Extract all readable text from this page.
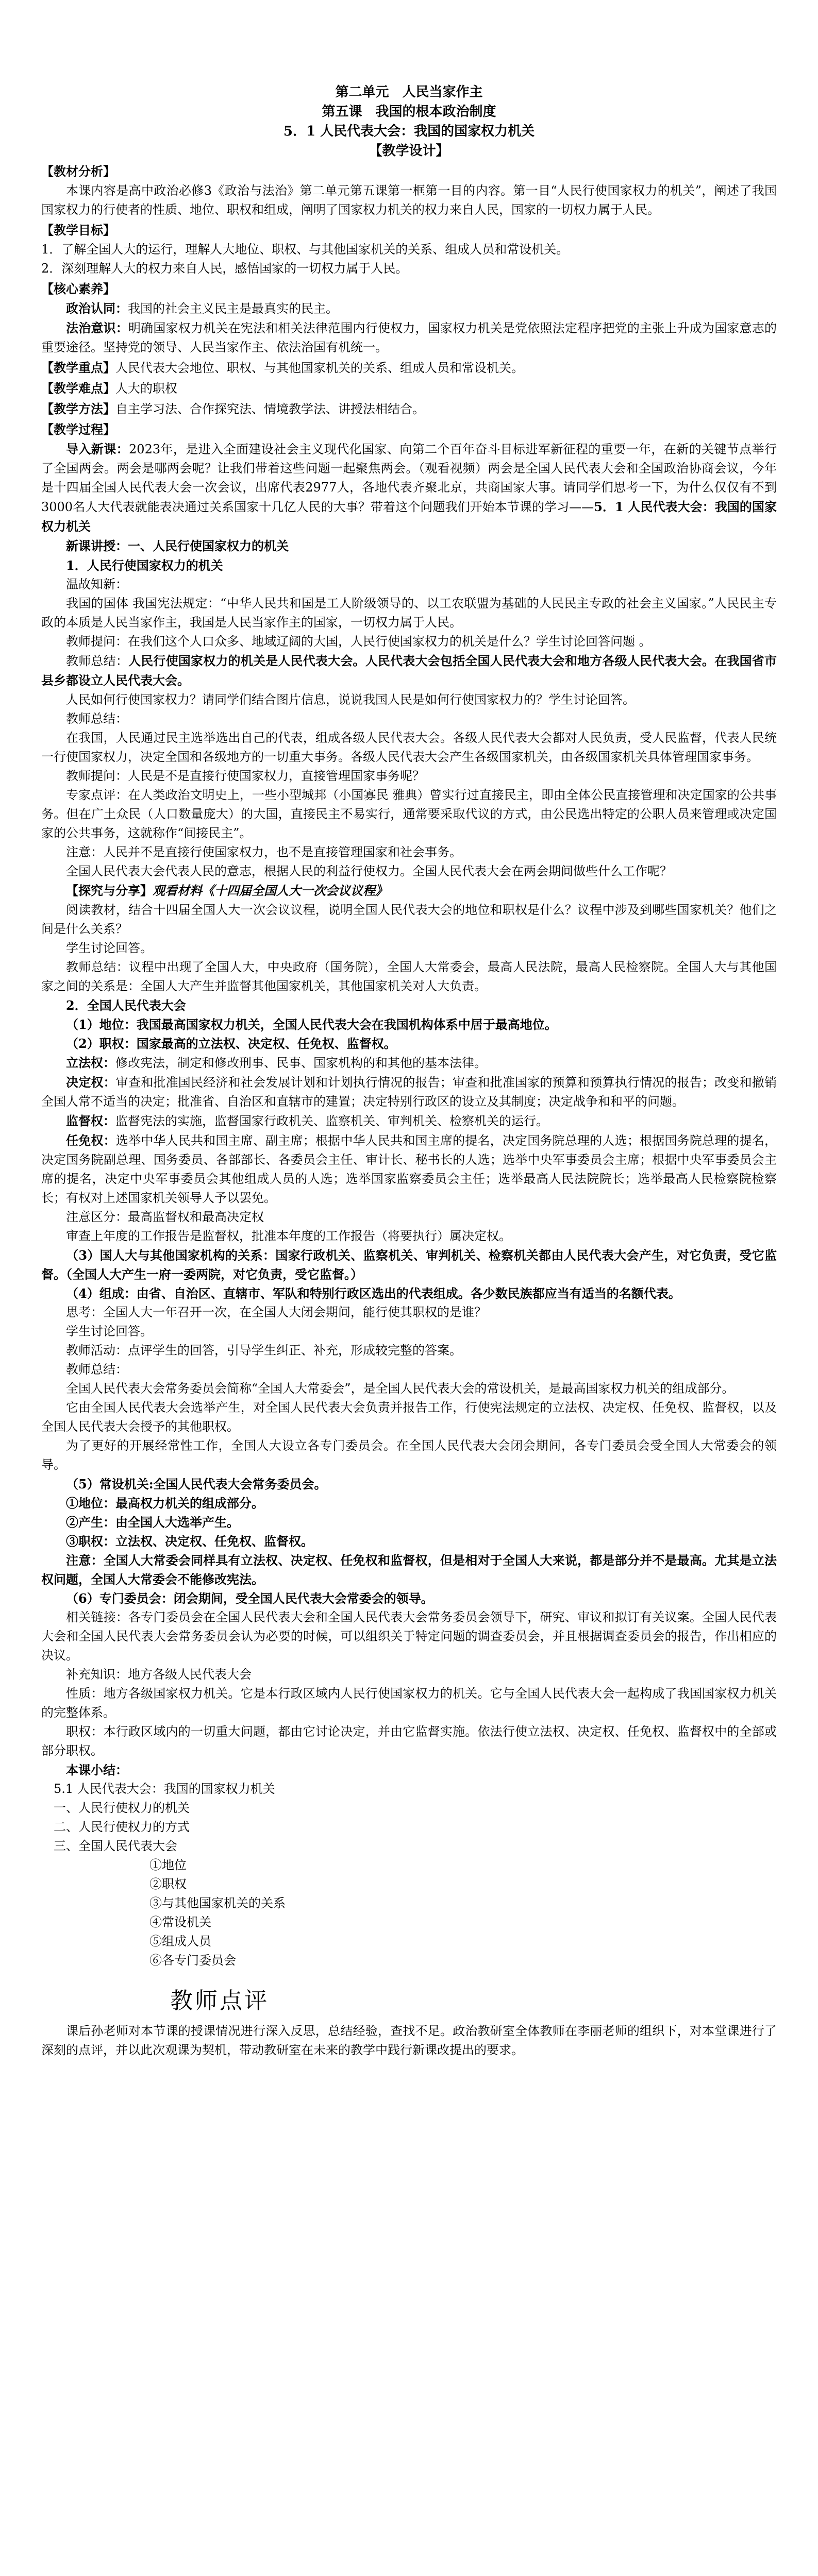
第二单元　人民当家作主
第五课　我国的根本政治制度
5．1 人民代表大会：我国的国家权力机关
【教学设计】
【教材分析】

本课内容是高中政治必修3《政治与法治》第二单元第五课第一框第一目的内容。第一目“人民行使国家权力的机关”，阐述了我国国家权力的行使者的性质、地位、职权和组成，阐明了国家权力机关的权力来自人民，国家的一切权力属于人民。

【教学目标】

1．了解全国人大的运行，理解人大地位、职权、与其他国家机关的关系、组成人员和常设机关。

2．深刻理解人大的权力来自人民，感悟国家的一切权力属于人民。

【核心素养】

政治认同：我国的社会主义民主是最真实的民主。

法治意识：明确国家权力机关在宪法和相关法律范围内行使权力，国家权力机关是党依照法定程序把党的主张上升成为国家意志的重要途径。坚持党的领导、人民当家作主、依法治国有机统一。

【教学重点】人民代表大会地位、职权、与其他国家机关的关系、组成人员和常设机关。
【教学难点】人大的职权
【教学方法】自主学习法、合作探究法、情境教学法、讲授法相结合。
【教学过程】

导入新课：2023年，是进入全面建设社会主义现代化国家、向第二个百年奋斗目标进军新征程的重要一年，在新的关键节点举行了全国两会。两会是哪两会呢？让我们带着这些问题一起聚焦两会。（观看视频）两会是全国人民代表大会和全国政治协商会议，今年是十四届全国人民代表大会一次会议，出席代表2977人，各地代表齐聚北京，共商国家大事。请同学们思考一下，为什么仅仅有不到3000名人大代表就能表决通过关系国家十几亿人民的大事？带着这个问题我们开始本节课的学习——5．1 人民代表大会：我国的国家权力机关

新课讲授：一、人民行使国家权力的机关

1．人民行使国家权力的机关

温故知新：

我国的国体 我国宪法规定：“中华人民共和国是工人阶级领导的、以工农联盟为基础的人民民主专政的社会主义国家。”人民民主专政的本质是人民当家作主，我国是人民当家作主的国家，一切权力属于人民。

教师提问：在我们这个人口众多、地域辽阔的大国，人民行使国家权力的机关是什么？学生讨论回答问题 。

教师总结：人民行使国家权力的机关是人民代表大会。人民代表大会包括全国人民代表大会和地方各级人民代表大会。在我国省市县乡都设立人民代表大会。

人民如何行使国家权力？请同学们结合图片信息，说说我国人民是如何行使国家权力的？学生讨论回答。

教师总结：

在我国，人民通过民主选举选出自己的代表，组成各级人民代表大会。各级人民代表大会都对人民负责，受人民监督，代表人民统一行使国家权力，决定全国和各级地方的一切重大事务。各级人民代表大会产生各级国家机关，由各级国家机关具体管理国家事务。

教师提问：人民是不是直接行使国家权力，直接管理国家事务呢？

专家点评：在人类政治文明史上，一些小型城邦（小国寡民 雅典）曾实行过直接民主，即由全体公民直接管理和决定国家的公共事务。但在广土众民（人口数量庞大）的大国，直接民主不易实行，通常要采取代议的方式，由公民选出特定的公职人员来管理或决定国家的公共事务，这就称作“间接民主”。

注意：人民并不是直接行使国家权力，也不是直接管理国家和社会事务。

全国人民代表大会代表人民的意志，根据人民的利益行使权力。全国人民代表大会在两会期间做些什么工作呢？

【探究与分享】观看材料《十四届全国人大一次会议议程》

阅读教材，结合十四届全国人大一次会议议程，说明全国人民代表大会的地位和职权是什么？议程中涉及到哪些国家机关？他们之间是什么关系？

学生讨论回答。

教师总结：议程中出现了全国人大，中央政府（国务院），全国人大常委会，最高人民法院，最高人民检察院。全国人大与其他国家之间的关系是：全国人大产生并监督其他国家机关，其他国家机关对人大负责。

2．全国人民代表大会

（1）地位：我国最高国家权力机关，全国人民代表大会在我国机构体系中居于最高地位。

（2）职权：国家最高的立法权、决定权、任免权、监督权。

立法权：修改宪法，制定和修改刑事、民事、国家机构的和其他的基本法律。

决定权：审查和批准国民经济和社会发展计划和计划执行情况的报告；审查和批准国家的预算和预算执行情况的报告；改变和撤销全国人常不适当的决定；批准省、自治区和直辖市的建置；决定特别行政区的设立及其制度；决定战争和和平的问题。

监督权：监督宪法的实施，监督国家行政机关、监察机关、审判机关、检察机关的运行。

任免权：选举中华人民共和国主席、副主席；根据中华人民共和国主席的提名，决定国务院总理的人选；根据国务院总理的提名，决定国务院副总理、国务委员、各部部长、各委员会主任、审计长、秘书长的人选；选举中央军事委员会主席；根据中央军事委员会主席的提名，决定中央军事委员会其他组成人员的人选；选举国家监察委员会主任；选举最高人民法院院长；选举最高人民检察院检察长；有权对上述国家机关领导人予以罢免。

注意区分：最高监督权和最高决定权

审查上年度的工作报告是监督权，批准本年度的工作报告（将要执行）属决定权。

（3）国人大与其他国家机构的关系：国家行政机关、监察机关、审判机关、检察机关都由人民代表大会产生，对它负责，受它监督。（全国人大产生一府一委两院，对它负责，受它监督。）

（4）组成：由省、自治区、直辖市、军队和特别行政区选出的代表组成。各少数民族都应当有适当的名额代表。

思考：全国人大一年召开一次，在全国人大闭会期间，能行使其职权的是谁？

学生讨论回答。

教师活动：点评学生的回答，引导学生纠正、补充，形成较完整的答案。

教师总结：

全国人民代表大会常务委员会简称“全国人大常委会”，是全国人民代表大会的常设机关，是最高国家权力机关的组成部分。

它由全国人民代表大会选举产生，对全国人民代表大会负责并报告工作，行使宪法规定的立法权、决定权、任免权、监督权，以及全国人民代表大会授予的其他职权。

为了更好的开展经常性工作，全国人大设立各专门委员会。在全国人民代表大会闭会期间，各专门委员会受全国人大常委会的领导。

（5）常设机关:全国人民代表大会常务委员会。

①地位：最高权力机关的组成部分。

②产生：由全国人大选举产生。

③职权：立法权、决定权、任免权、监督权。

注意：全国人大常委会同样具有立法权、决定权、任免权和监督权，但是相对于全国人大来说，都是部分并不是最高。尤其是立法权问题，全国人大常委会不能修改宪法。

（6）专门委员会：闭会期间，受全国人民代表大会常委会的领导。

相关链接：各专门委员会在全国人民代表大会和全国人民代表大会常务委员会领导下，研究、审议和拟订有关议案。全国人民代表大会和全国人民代表大会常务委员会认为必要的时候，可以组织关于特定问题的调查委员会，并且根据调查委员会的报告，作出相应的决议。

补充知识：地方各级人民代表大会

性质：地方各级国家权力机关。它是本行政区域内人民行使国家权力的机关。它与全国人民代表大会一起构成了我国国家权力机关的完整体系。

职权：本行政区域内的一切重大问题，都由它讨论决定，并由它监督实施。依法行使立法权、决定权、任免权、监督权中的全部或部分职权。

本课小结：

5.1 人民代表大会：我国的国家权力机关

一、人民行使权力的机关

二、人民行使权力的方式

三、全国人民代表大会

①地位

②职权

③与其他国家机关的关系

④常设机关

⑤组成人员

⑥各专门委员会

教师点评

课后孙老师对本节课的授课情况进行深入反思，总结经验，查找不足。政治教研室全体教师在李丽老师的组织下，对本堂课进行了深刻的点评，并以此次观课为契机，带动教研室在未来的教学中践行新课改提出的要求。
